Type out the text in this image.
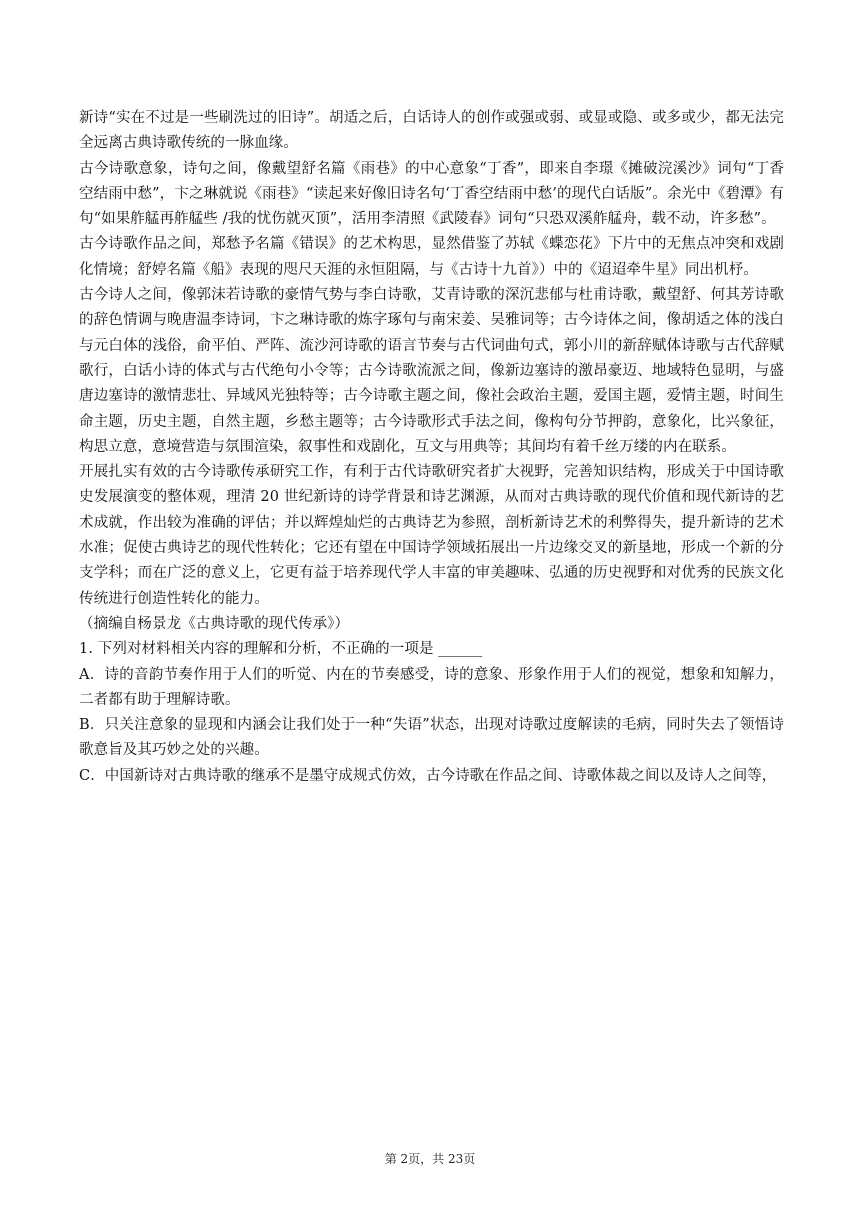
新诗“实在不过是一些刷洗过的旧诗”。胡适之后，白话诗人的创作或强或弱、或显或隐、或多或少，都无法完全远离古典诗歌传统的一脉血缘。

古今诗歌意象，诗句之间，像戴望舒名篇《雨巷》的中心意象“丁香”，即来自李璟《摊破浣溪沙》词句“丁香空结雨中愁”，卞之琳就说《雨巷》“读起来好像旧诗名句‘丁香空结雨中愁’的现代白话版”。余光中《碧潭》有句“如果舴艋再舴艋些 /我的忧伤就灭顶”，活用李清照《武陵春》词句“只恐双溪舴艋舟，载不动，许多愁”。

古今诗歌作品之间，郑愁予名篇《错误》的艺术构思，显然借鉴了苏轼《蝶恋花》下片中的无焦点冲突和戏剧化情境；舒婷名篇《船》表现的咫尺天涯的永恒阻隔，与《古诗十九首》）中的《迢迢牵牛星》同出机杼。

古今诗人之间，像郭沫若诗歌的豪情气势与李白诗歌，艾青诗歌的深沉悲郁与杜甫诗歌，戴望舒、何其芳诗歌的辞色情调与晚唐温李诗词，卞之琳诗歌的炼字琢句与南宋姜、吴雅词等；古今诗体之间，像胡适之体的浅白与元白体的浅俗，俞平伯、严阵、流沙河诗歌的语言节奏与古代词曲句式，郭小川的新辞赋体诗歌与古代辞赋歌行，白话小诗的体式与古代绝句小令等；古今诗歌流派之间，像新边塞诗的激昂豪迈、地域特色显明，与盛唐边塞诗的激情悲壮、异域风光独特等；古今诗歌主题之间，像社会政治主题，爱国主题，爱情主题，时间生命主题，历史主题，自然主题，乡愁主题等；古今诗歌形式手法之间，像构句分节押韵，意象化，比兴象征，构思立意，意境营造与氛围渲染，叙事性和戏剧化，互文与用典等；其间均有着千丝万缕的内在联系。

开展扎实有效的古今诗歌传承研究工作，有利于古代诗歌研究者扩大视野，完善知识结构，形成关于中国诗歌史发展演变的整体观，理清 20 世纪新诗的诗学背景和诗艺渊源，从而对古典诗歌的现代价值和现代新诗的艺术成就，作出较为准确的评估；并以辉煌灿烂的古典诗艺为参照，剖析新诗艺术的利弊得失，提升新诗的艺术水准；促使古典诗艺的现代性转化；它还有望在中国诗学领域拓展出一片边缘交叉的新垦地，形成一个新的分支学科；而在广泛的意义上，它更有益于培养现代学人丰富的审美趣味、弘通的历史视野和对优秀的民族文化传统进行创造性转化的能力。

（摘编自杨景龙《古典诗歌的现代传承》）

1. 下列对材料相关内容的理解和分析，不正确的一项是 ______

A．诗的音韵节奏作用于人们的听觉、内在的节奏感受，诗的意象、形象作用于人们的视觉，想象和知解力，二者都有助于理解诗歌。

B．只关注意象的显现和内涵会让我们处于一种“失语”状态，出现对诗歌过度解读的毛病，同时失去了领悟诗歌意旨及其巧妙之处的兴趣。

C．中国新诗对古典诗歌的继承不是墨守成规式仿效，古今诗歌在作品之间、诗歌体裁之间以及诗人之间等，

第 2页，共 23页
